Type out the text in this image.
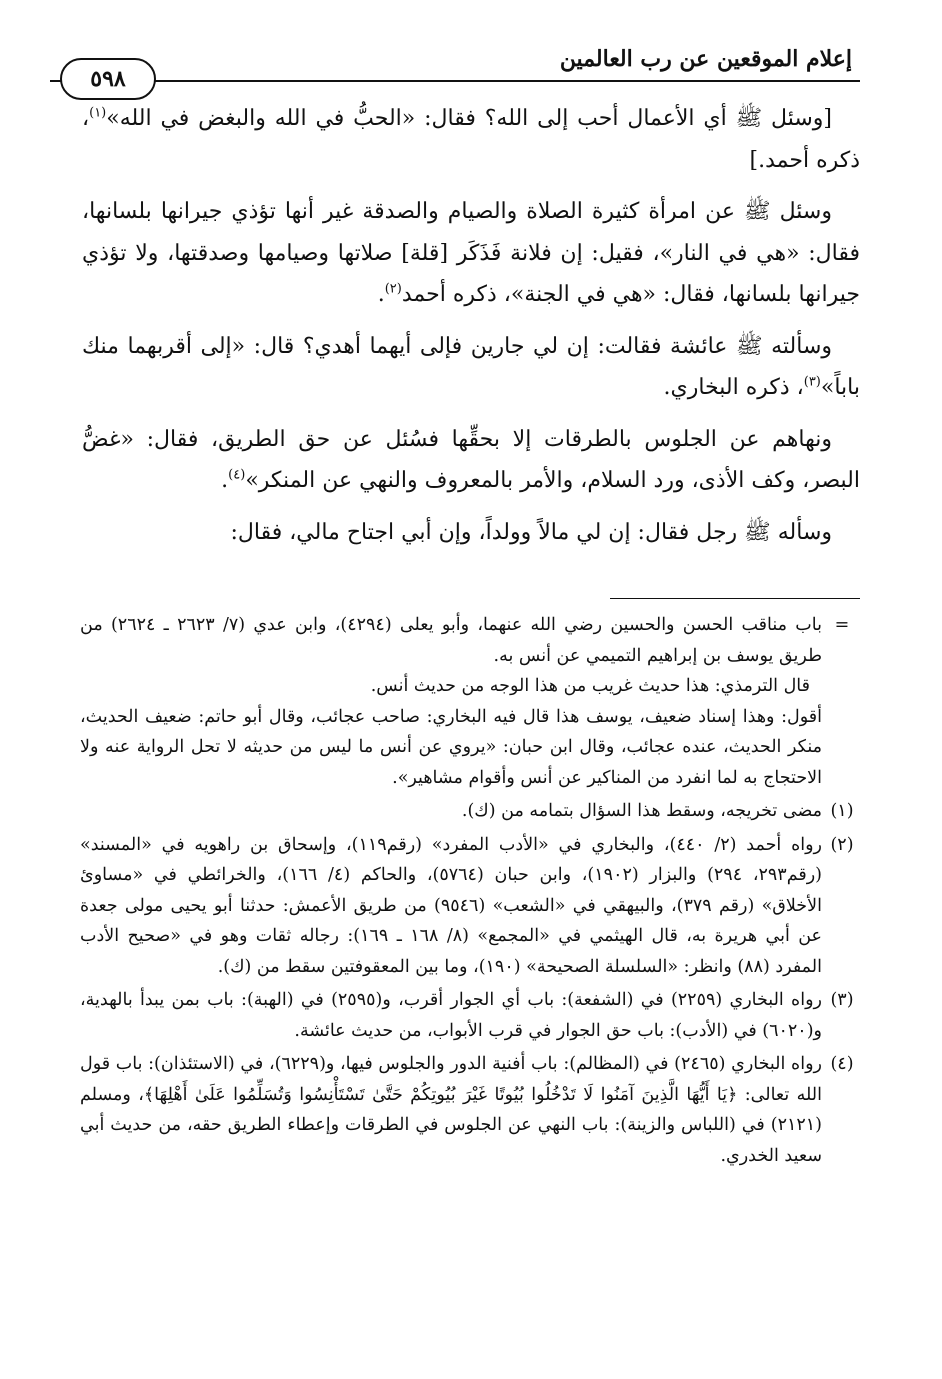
إعلام الموقعين عن رب العالمين
٥٩٨

[وسئل ﷺ أي الأعمال أحب إلى الله؟ فقال: «الحبُّ في الله والبغض في الله»$^{(١)}$، ذكره أحمد.]

وسئل ﷺ عن امرأة كثيرة الصلاة والصيام والصدقة غير أنها تؤذي جيرانها بلسانها، فقال: «هي في النار»، فقيل: إن فلانة فَذَكَر [قلة] صلاتها وصيامها وصدقتها، ولا تؤذي جيرانها بلسانها، فقال: «هي في الجنة»، ذكره أحمد$^{(٢)}$.

وسألته ﷺ عائشة فقالت: إن لي جارين فإلى أيهما أهدي؟ قال: «إلى أقربهما منك باباً»$^{(٣)}$، ذكره البخاري.

ونهاهم عن الجلوس بالطرقات إلا بحقِّها فسُئل عن حق الطريق، فقال: «غضُّ البصر، وكف الأذى، ورد السلام، والأمر بالمعروف والنهي عن المنكر»$^{(٤)}$.

وسأله ﷺ رجل فقال: إن لي مالاً وولداً، وإن أبي اجتاح مالي، فقال:

=

باب مناقب الحسن والحسين رضي الله عنهما، وأبو يعلى (٤٢٩٤)، وابن عدي (٧/ ٢٦٢٣ ـ ٢٦٢٤) من طريق يوسف بن إبراهيم التميمي عن أنس به.

قال الترمذي: هذا حديث غريب من هذا الوجه من حديث أنس.

أقول: وهذا إسناد ضعيف، يوسف هذا قال فيه البخاري: صاحب عجائب، وقال أبو حاتم: ضعيف الحديث، منكر الحديث، عنده عجائب، وقال ابن حبان: «يروي عن أنس ما ليس من حديثه لا تحل الرواية عنه ولا الاحتجاج به لما انفرد من المناكير عن أنس وأقوام مشاهير».

(١)

مضى تخريجه، وسقط هذا السؤال بتمامه من (ك).

(٢)

رواه أحمد (٢/ ٤٤٠)، والبخاري في «الأدب المفرد» (رقم١١٩)، وإسحاق بن راهويه في «المسند» (رقم٢٩٣، ٢٩٤) والبزار (١٩٠٢)، وابن حبان (٥٧٦٤)، والحاكم (٤/ ١٦٦)، والخرائطي في «مساوئ الأخلاق» (رقم ٣٧٩)، والبيهقي في «الشعب» (٩٥٤٦) من طريق الأعمش: حدثنا أبو يحيى مولى جعدة عن أبي هريرة به، قال الهيثمي في «المجمع» (٨/ ١٦٨ ـ ١٦٩): رجاله ثقات وهو في «صحيح الأدب المفرد (٨٨) وانظر: «السلسلة الصحيحة» (١٩٠)، وما بين المعقوفتين سقط من (ك).

(٣)

رواه البخاري (٢٢٥٩) في (الشفعة): باب أي الجوار أقرب، و(٢٥٩٥) في (الهبة): باب بمن يبدأ بالهدية، و(٦٠٢٠) في (الأدب): باب حق الجوار في قرب الأبواب، من حديث عائشة.

(٤)

رواه البخاري (٢٤٦٥) في (المظالم): باب أفنية الدور والجلوس فيها، و(٦٢٢٩)، في (الاستئذان): باب قول الله تعالى: ﴿يَا أَيُّهَا الَّذِينَ آمَنُوا لَا تَدْخُلُوا بُيُوتًا غَيْرَ بُيُوتِكُمْ حَتَّىٰ تَسْتَأْنِسُوا وَتُسَلِّمُوا عَلَىٰ أَهْلِهَا﴾، ومسلم (٢١٢١) في (اللباس والزينة): باب النهي عن الجلوس في الطرقات وإعطاء الطريق حقه، من حديث أبي سعيد الخدري.
